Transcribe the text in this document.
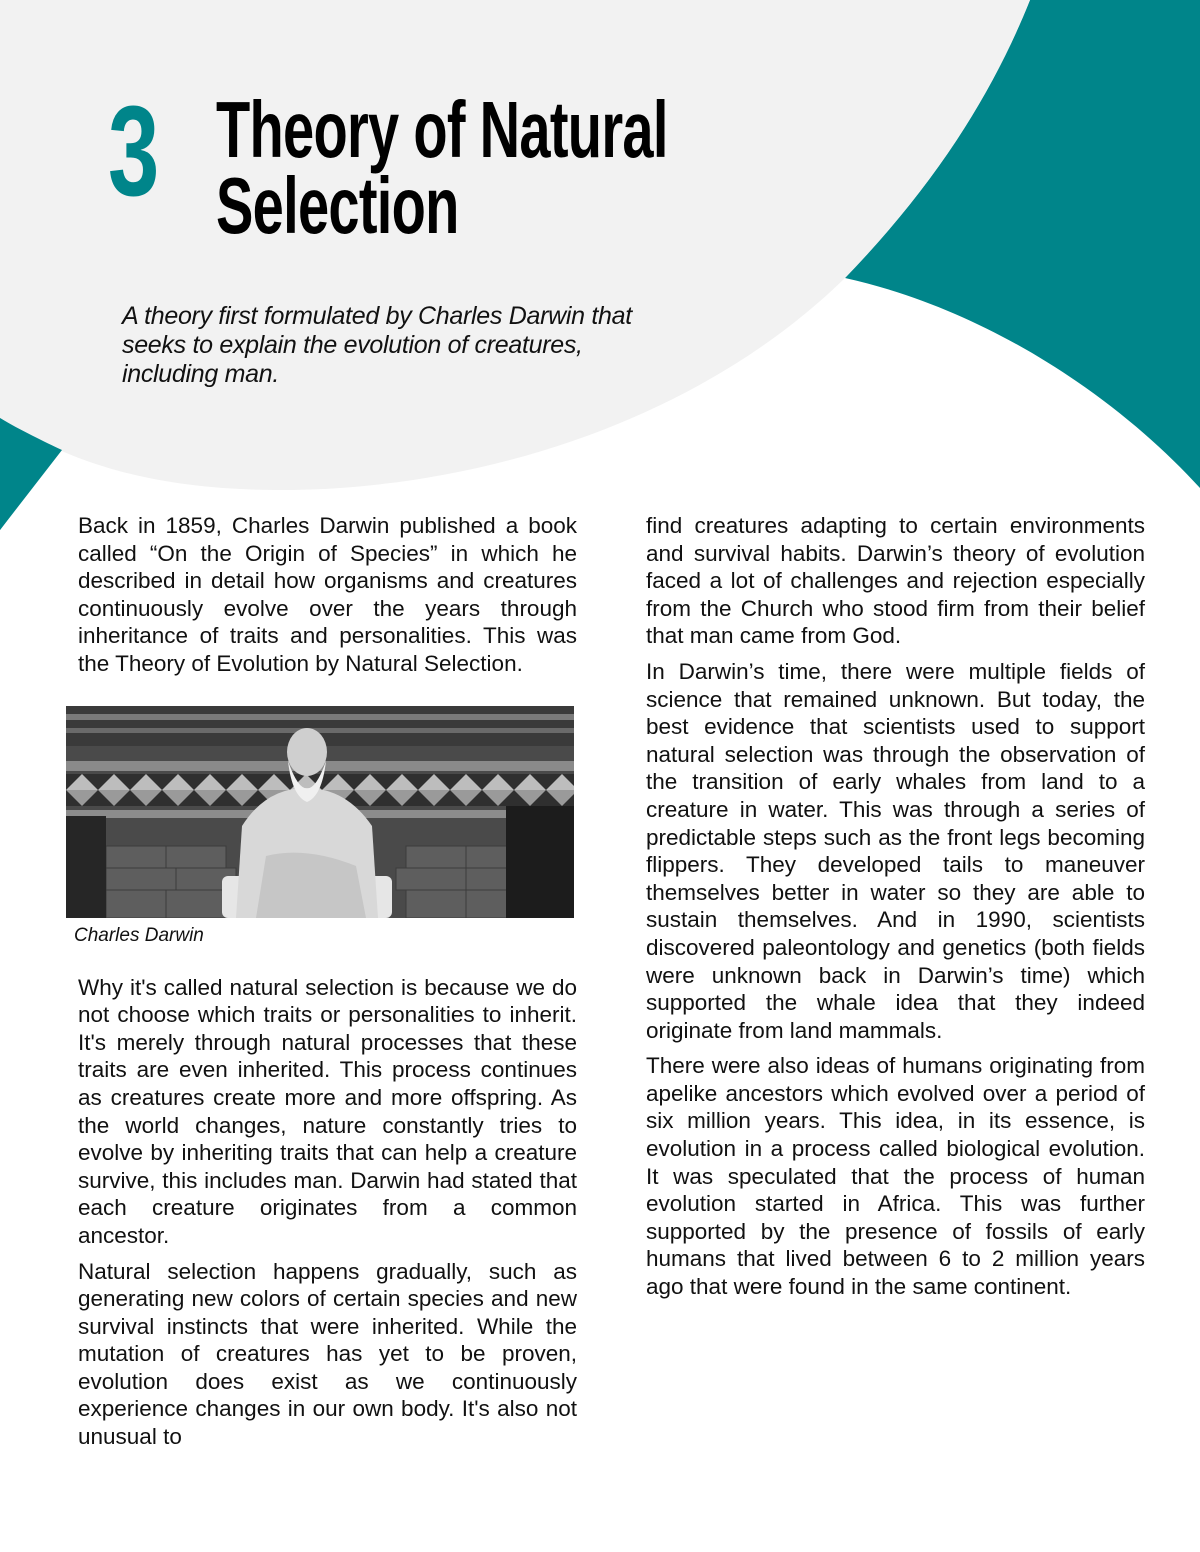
3 Theory of Natural
Selection

A theory first formulated by Charles Darwin that seeks to explain the evolution of creatures, including man.

Back in 1859, Charles Darwin published a book called “On the Origin of Species” in which he described in detail how organisms and creatures continuously evolve over the years through inheritance of traits and personalities. This was the Theory of Evolution by Natural Selection.

Charles Darwin

Why it's called natural selection is because we do not choose which traits or personalities to inherit. It's merely through natural processes that these traits are even inherited. This process continues as creatures create more and more offspring. As the world changes, nature constantly tries to evolve by inheriting traits that can help a creature survive, this includes man. Darwin had stated that each creature originates from a common ancestor.

Natural selection happens gradually, such as generating new colors of certain species and new survival instincts that were inherited. While the mutation of creatures has yet to be proven, evolution does exist as we continuously experience changes in our own body. It's also not unusual to

find creatures adapting to certain environments and survival habits. Darwin’s theory of evolution faced a lot of challenges and rejection especially from the Church who stood firm from their belief that man came from God.

In Darwin’s time, there were multiple fields of science that remained unknown. But today, the best evidence that scientists used to support natural selection was through the observation of the transition of early whales from land to a creature in water. This was through a series of predictable steps such as the front legs becoming flippers. They developed tails to maneuver themselves better in water so they are able to sustain themselves. And in 1990, scientists discovered paleontology and genetics (both fields were unknown back in Darwin’s time) which supported the whale idea that they indeed originate from land mammals.

There were also ideas of humans originating from apelike ancestors which evolved over a period of six million years. This idea, in its essence, is evolution in a process called biological evolution. It was speculated that the process of human evolution started in Africa. This was further supported by the presence of fossils of early humans that lived between 6 to 2 million years ago that were found in the same continent.
